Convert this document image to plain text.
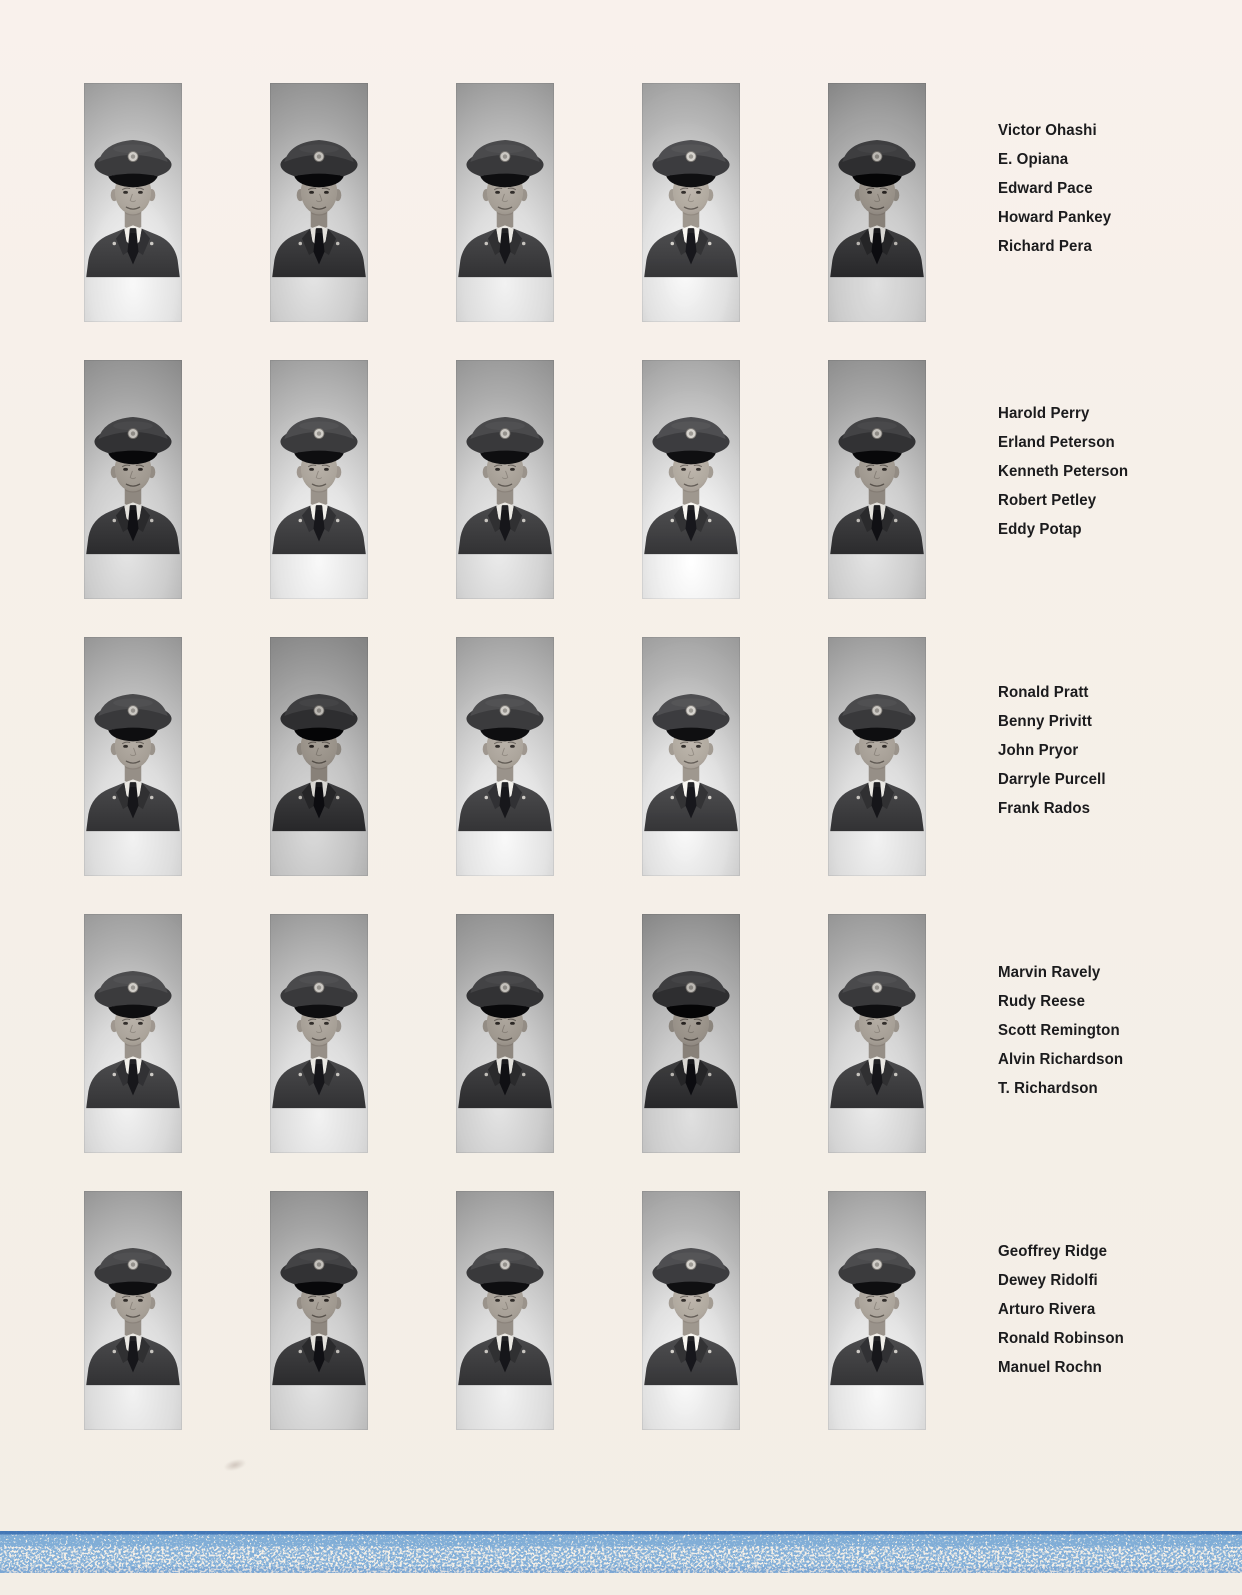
Victor Ohashi
E. Opiana
Edward Pace
Howard Pankey
Richard Pera
Harold Perry
Erland Peterson
Kenneth Peterson
Robert Petley
Eddy Potap
Ronald Pratt
Benny Privitt
John Pryor
Darryle Purcell
Frank Rados
Marvin Ravely
Rudy Reese
Scott Remington
Alvin Richardson
T. Richardson
Geoffrey Ridge
Dewey Ridolfi
Arturo Rivera
Ronald Robinson
Manuel Rochn
